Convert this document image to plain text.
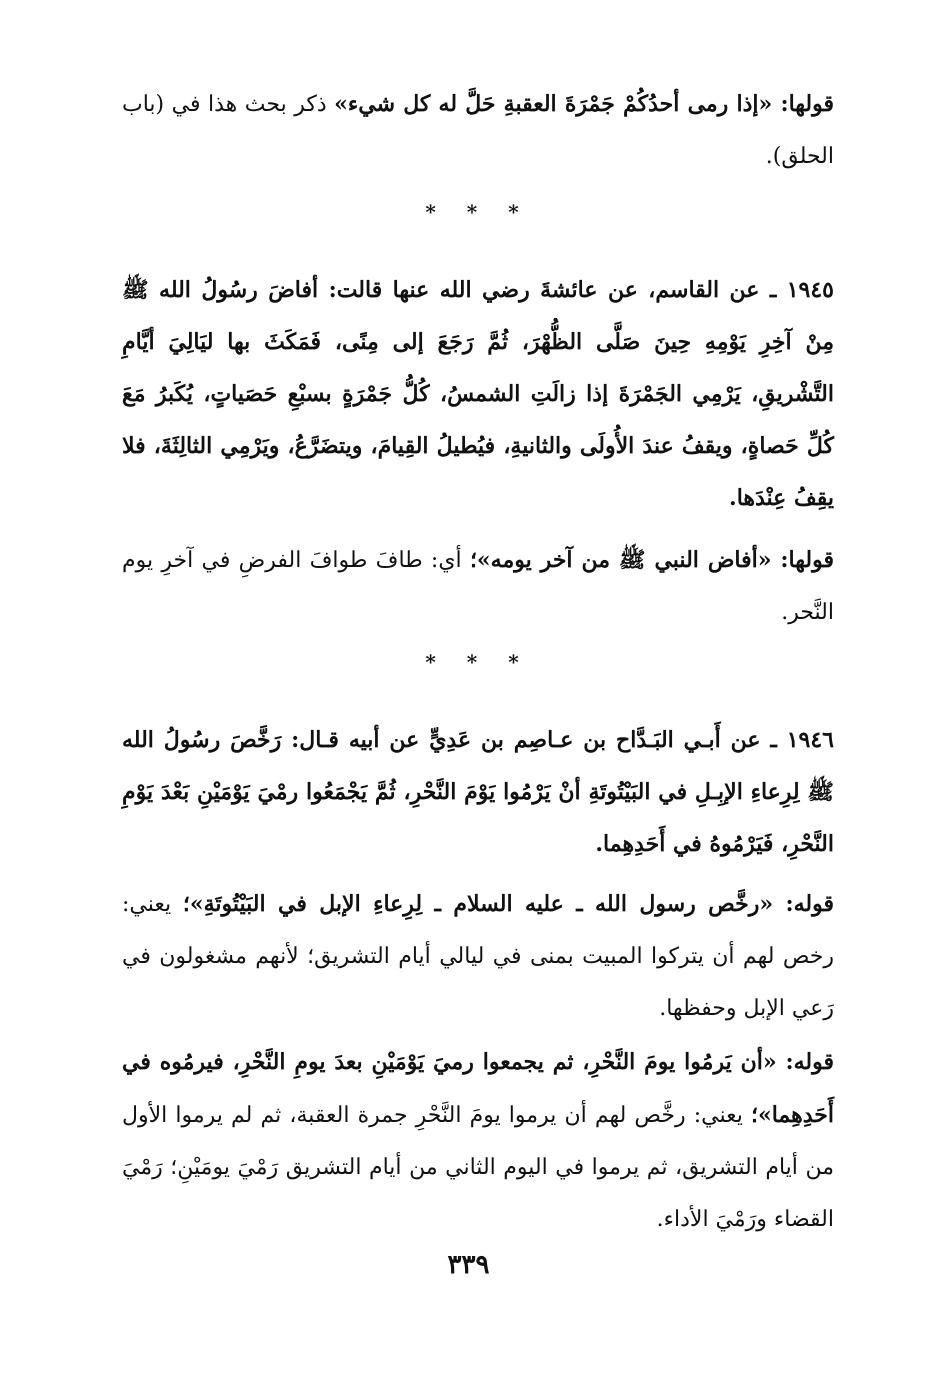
قولها: «إذا رمى أحدُكُمْ جَمْرَةَ العقبةِ حَلَّ له كل شيء» ذكر بحث هذا في (باب الحلق).

* * *

١٩٤٥ ـ عن القاسم، عن عائشةَ رضي الله عنها قالت: أفاضَ رسُولُ الله ﷺ مِنْ آخِرِ يَوْمِهِ حِينَ صَلَّى الظُّهْرَ، ثُمَّ رَجَعَ إلى مِنًى، فَمَكَثَ بها ليَالِيَ أيَّامِ التَّشْريقِ، يَرْمِي الجَمْرَةَ إذا زالَتِ الشمسُ، كُلُّ جَمْرَةٍ بسبْعِ حَصَياتٍ، يُكَبرُ مَعَ كُلِّ حَصاةٍ، ويقفُ عندَ الأُولَى والثانيةِ، فيُطيلُ القِيامَ، ويتضَرَّعُ، ويَرْمِي الثالِثَةَ، فلا يقِفُ عِنْدَها.

قولها: «أفاض النبي ﷺ من آخر يومه»؛ أي: طافَ طوافَ الفرضِ في آخرِ يوم النَّحر.

* * *

١٩٤٦ ـ عن أَبـي البَـدَّاح بن عـاصِم بن عَدِيٍّ عن أبيه قـال: رَخَّصَ رسُولُ الله ﷺ لِرِعاءِ الإبِـلِ في البَيْتُوتَةِ أنْ يَرْمُوا يَوْمَ النَّحْرِ، ثُمَّ يَجْمَعُوا رمْيَ يَوْمَيْنِ بَعْدَ يَوْمِ النَّحْرِ، فَيَرْمُوهُ في أَحَدِهِما.

قوله: «رخَّص رسول الله ـ عليه السلام ـ لِرِعاءِ الإبل في البَيْتُوتَةِ»؛ يعني: رخص لهم أن يتركوا المبيت بمنى في ليالي أيام التشريق؛ لأنهم مشغولون في رَعي الإبل وحفظها.

قوله: «أن يَرمُوا يومَ النَّحْرِ، ثم يجمعوا رميَ يَوْمَيْنِ بعدَ يومِ النَّحْرِ، فيرمُوه في أَحَدِهِما»؛ يعني: رخَّص لهم أن يرموا يومَ النَّحْرِ جمرة العقبة، ثم لم يرموا الأول من أيام التشريق، ثم يرموا في اليوم الثاني من أيام التشريق رَمْيَ يومَيْنِ؛ رَمْيَ القضاء ورَمْيَ الأداء.

٣٣٩
